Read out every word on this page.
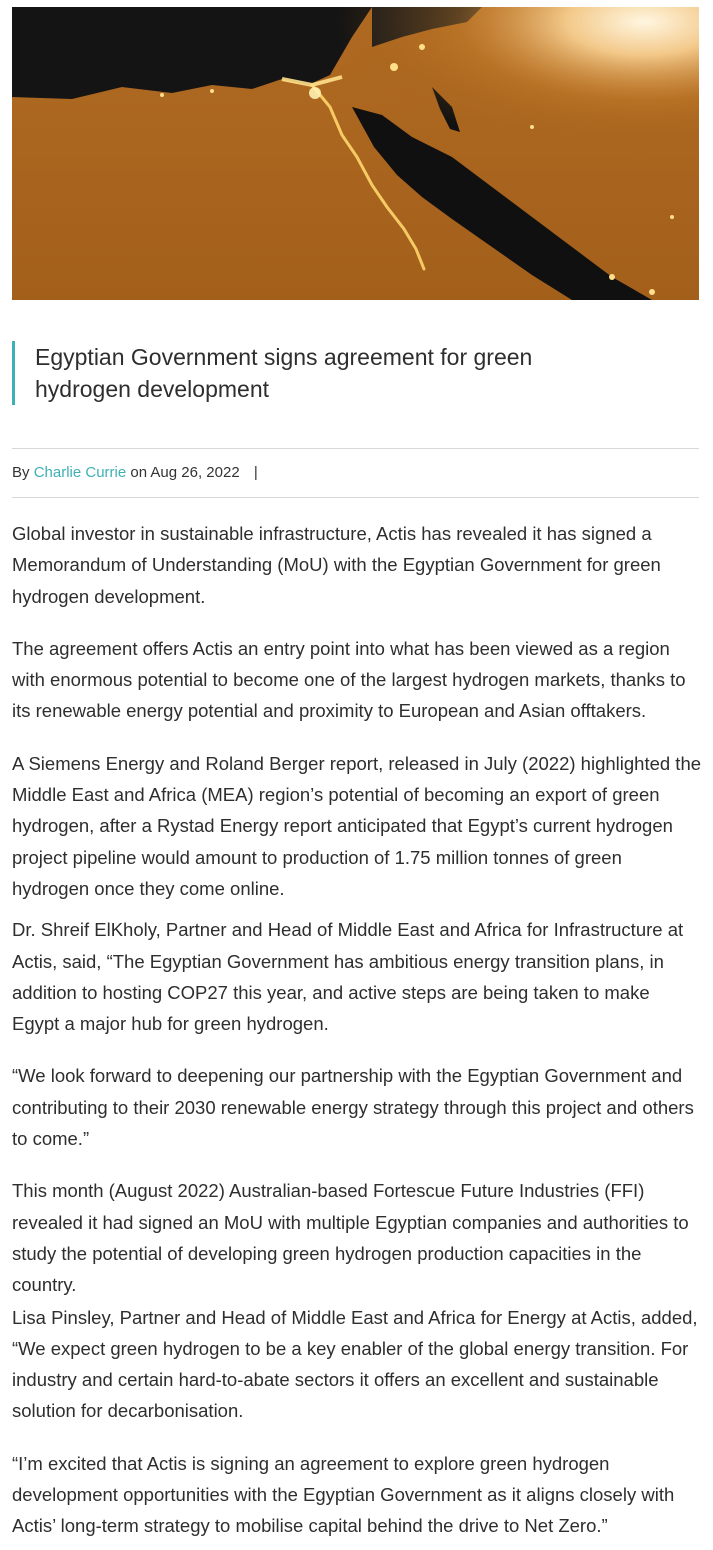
Egyptian Government signs agreement for green hydrogen development
By Charlie Currie on Aug 26, 2022 |

Global investor in sustainable infrastructure, Actis has revealed it has signed a Memorandum of Understanding (MoU) with the Egyptian Government for green hydrogen development.

The agreement offers Actis an entry point into what has been viewed as a region with enormous potential to become one of the largest hydrogen markets, thanks to its renewable energy potential and proximity to European and Asian offtakers.

A Siemens Energy and Roland Berger report, released in July (2022) highlighted the Middle East and Africa (MEA) region’s potential of becoming an export of green hydrogen, after a Rystad Energy report anticipated that Egypt’s current hydrogen project pipeline would amount to production of 1.75 million tonnes of green hydrogen once they come online.

Dr. Shreif ElKholy, Partner and Head of Middle East and Africa for Infrastructure at Actis, said, “The Egyptian Government has ambitious energy transition plans, in addition to hosting COP27 this year, and active steps are being taken to make Egypt a major hub for green hydrogen.

“We look forward to deepening our partnership with the Egyptian Government and contributing to their 2030 renewable energy strategy through this project and others to come.”

This month (August 2022) Australian-based Fortescue Future Industries (FFI) revealed it had signed an MoU with multiple Egyptian companies and authorities to study the potential of developing green hydrogen production capacities in the country.

Lisa Pinsley, Partner and Head of Middle East and Africa for Energy at Actis, added, “We expect green hydrogen to be a key enabler of the global energy transition. For industry and certain hard-to-abate sectors it offers an excellent and sustainable solution for decarbonisation.

“I’m excited that Actis is signing an agreement to explore green hydrogen development opportunities with the Egyptian Government as it aligns closely with Actis’ long-term strategy to mobilise capital behind the drive to Net Zero.”
